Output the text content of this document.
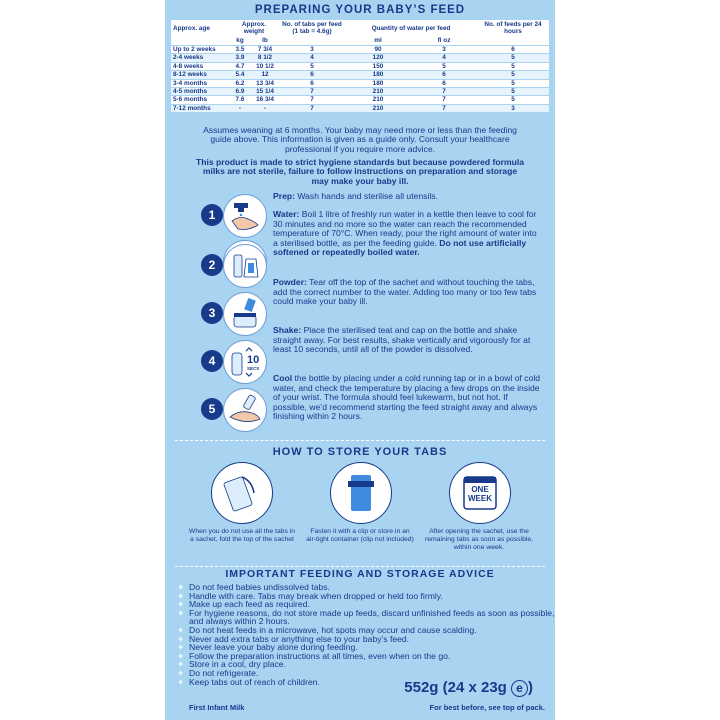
PREPARING YOUR BABY’S FEED
Approx. age	Approx. weight		No. of tabs per feed
(1 tab = 4.6g)	Quantity of water per feed		No. of feeds per 24 hours
	kg	lb		ml	fl oz	
Up to 2 weeks	3.5	7 3/4	3	90	3	6
2-4 weeks	3.9	8 1/2	4	120	4	5
4-8 weeks	4.7	10 1/2	5	150	5	5
8-12 weeks	5.4	12	6	180	6	5
3-4 months	6.2	13 3/4	6	180	6	5
4-5 months	6.9	15 1/4	7	210	7	5
5-6 months	7.6	16 3/4	7	210	7	5
7-12 months	-	-	7	210	7	3
Assumes weaning at 6 months. Your baby may need more or less than the feeding guide above. This information is given as a guide only. Consult your healthcare professional if you require more advice.
This product is made to strict hygiene standards but because powdered formula milks are not sterile, failure to follow instructions on preparation and storage may make your baby ill.
Prep: Wash hands and sterilise all utensils.
1	Water: Boil 1 litre of freshly run water in a kettle then leave to cool for 30 minutes and no more so the water can reach the recommended temperature of 70°C. When ready, pour the right amount of water into a sterilised bottle, as per the feeding guide. Do not use artificially softened or repeatedly boiled water.
2
Powder: Tear off the top of the sachet and without touching the tabs, add the correct number to the water. Adding too many or too few tabs could make your baby ill.
3
Shake: Place the sterilised teat and cap on the bottle and shake straight away. For best results, shake vertically and vigorously for at least 10 seconds, until all of the powder is dissolved.
4	10
SECS
Cool the bottle by placing under a cold running tap or in a bowl of cold water, and check the temperature by placing a few drops on the inside of your wrist. The formula should feel lukewarm, but not hot. If possible, we’d recommend starting the feed straight away and always finishing within 2 hours.
5
HOW TO STORE YOUR TABS
ONE
WEEK
When you do not use all the tabs in a sachet, fold the top of the sachet
Fasten it with a clip or store in an air-tight container (clip not included)
After opening the sachet, use the remaining tabs as soon as possible, within one week.
IMPORTANT FEEDING AND STORAGE ADVICE
+ Do not feed babies undissolved tabs.
+ Handle with care. Tabs may break when dropped or held too firmly.
+ Make up each feed as required.
+ For hygiene reasons, do not store made up feeds, discard unfinished feeds as soon as possible, and always within 2 hours.
+ Do not heat feeds in a microwave, hot spots may occur and cause scalding.
+ Never add extra tabs or anything else to your baby’s feed.
+ Never leave your baby alone during feeding.
+ Follow the preparation instructions at all times, even when on the go.
+ Store in a cool, dry place.
+ Do not refrigerate.
+ Keep tabs out of reach of children.	552g (24 x 23g e )
First Infant Milk	For best before, see top of pack.
